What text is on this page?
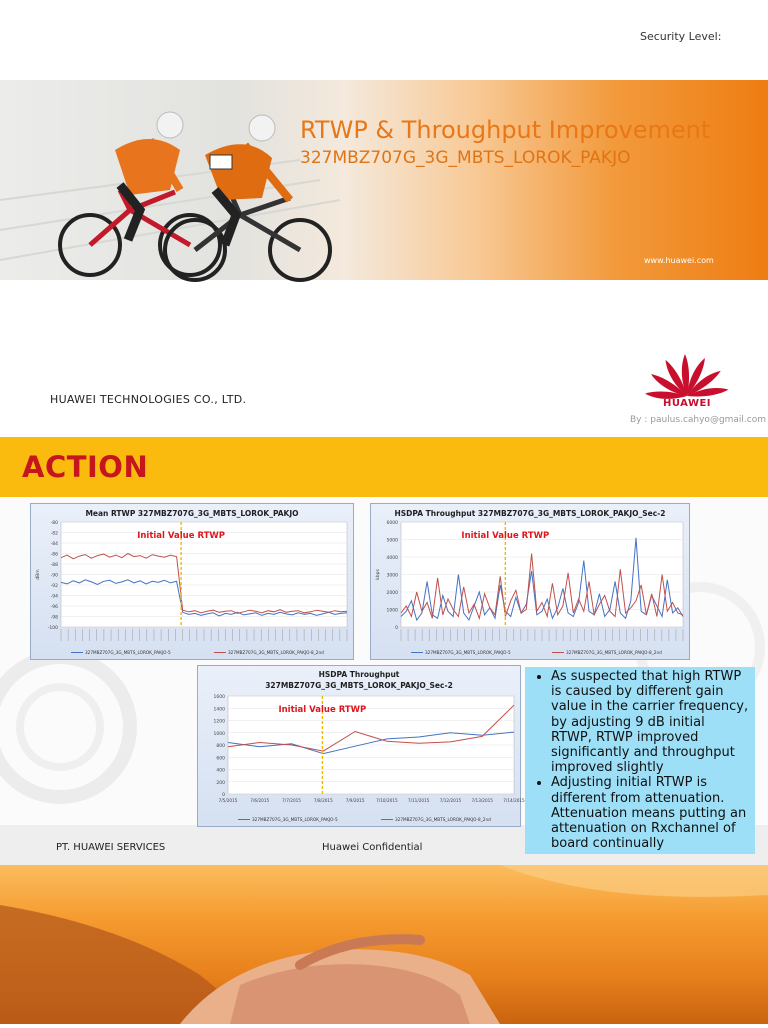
Security Level:
RTWP & Throughput Improvement
327MBZ707G_3G_MBTS_LOROK_PAKJO
www.huawei.com
HUAWEI TECHNOLOGIES CO., LTD.	HUAWEI
By : paulus.cahyo@gmail.com
ACTION
Mean RTWP 327MBZ707G_3G_MBTS_LOROK_PAKJO
-80
-82
-84
-86
-88
-90
-92
-94
-96
-98
-100
dBm
Initial Value RTWP
327MBZ707G_3G_MBTS_LOROK_PAKJO-5	327MBZ707G_3G_MBTS_LOROK_PAKJO-8_2nd
HSDPA Throughput 327MBZ707G_3G_MBTS_LOROK_PAKJO_Sec-2
6000
5000
4000
3000
2000
1000
0
kbps
Initial Value RTWP
327MBZ707G_3G_MBTS_LOROK_PAKJO-5	327MBZ707G_3G_MBTS_LOROK_PAKJO-8_2nd
HSDPA Throughput
327MBZ707G_3G_MBTS_LOROK_PAKJO_Sec-2
1600
1400
1200
1000
800
600
400
200
0
7/5/2015	7/6/2015	7/7/2015	7/8/2015	7/9/2015	7/10/2015 7/11/2015 7/12/2015 7/13/2015 7/14/2015
Initial Value RTWP
327MBZ707G_3G_MBTS_LOROK_PAKJO-5	327MBZ707G_3G_MBTS_LOROK_PAKJO-8_2nd
• As suspected that high RTWP is caused by different gain value in the carrier frequency, by adjusting 9 dB initial RTWP, RTWP improved significantly and throughput improved slightly
• Adjusting initial RTWP is different from attenuation. Attenuation means putting an attenuation on Rxchannel of board continually
PT. HUAWEI SERVICES	Huawei Confidential
